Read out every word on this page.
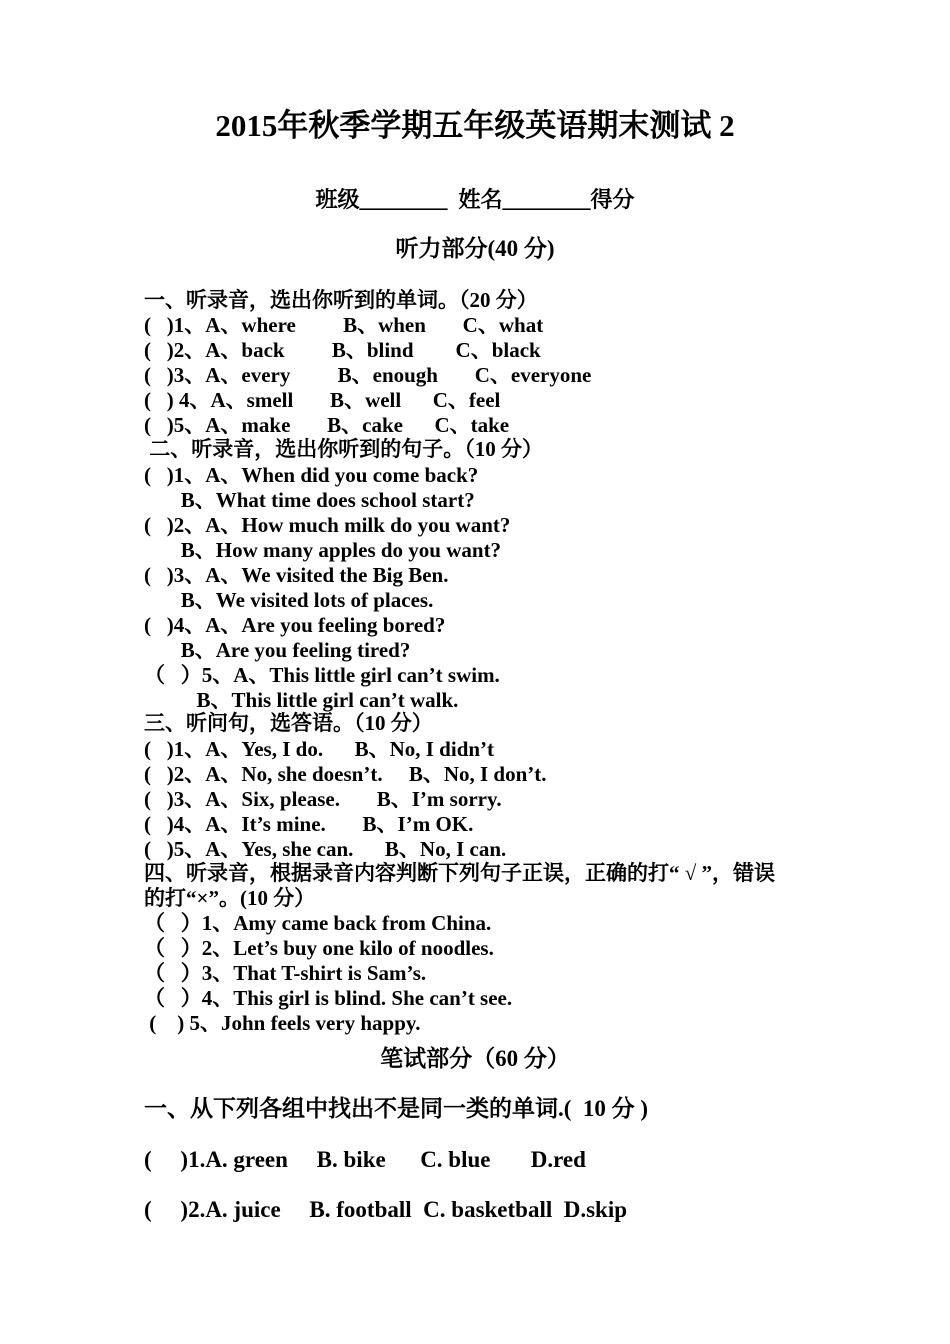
2015年秋季学期五年级英语期末测试 2
班级________  姓名________得分
听力部分(40 分)
一、听录音，选出你听到的单词。（20 分）
(   )1、A、where         B、when       C、what
(   )2、A、back         B、blind        C、black
(   )3、A、every         B、enough       C、everyone
(   ) 4、A、smell       B、well      C、feel
(   )5、A、make       B、cake      C、take
二、听录音，选出你听到的句子。（10 分）
(   )1、A、When did you come back?
B、What time does school start?
(   )2、A、How much milk do you want?
B、How many apples do you want?
(   )3、A、We visited the Big Ben.
B、We visited lots of places.
(   )4、A、Are you feeling bored?
B、Are you feeling tired?
（   ）5、A、This little girl can’t swim.
B、This little girl can’t walk.
三、听问句，选答语。（10 分）
(   )1、A、Yes, I do.      B、No, I didn’t
(   )2、A、No, she doesn’t.     B、No, I don’t.
(   )3、A、Six, please.       B、I’m sorry.
(   )4、A、It’s mine.       B、I’m OK.
(   )5、A、Yes, she can.      B、No, I can.
四、听录音，根据录音内容判断下列句子正误，正确的打“ √ ”，错误
的打“×”。(10 分）
（   ）1、Amy came back from China.
（   ）2、Let’s buy one kilo of noodles.
（   ）3、That T-shirt is Sam’s.
（   ）4、This girl is blind. She can’t see.
(    ) 5、John feels very happy.
笔试部分（60 分）
一、从下列各组中找出不是同一类的单词.(  10 分 )
(     )1.A. green     B. bike      C. blue       D.red
(     )2.A. juice     B. football  C. basketball  D.skip
